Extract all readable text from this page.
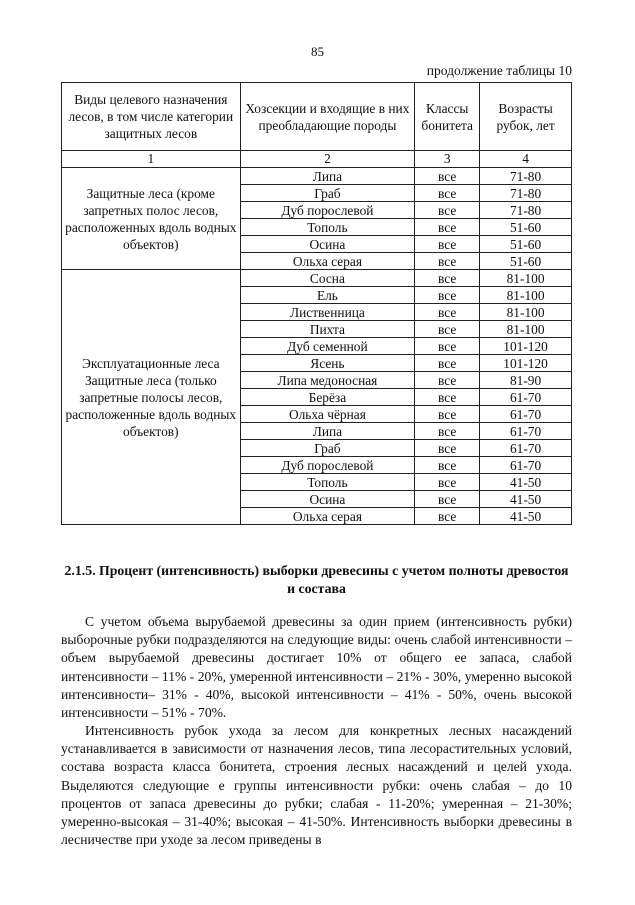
85
продолжение таблицы 10
Виды целевого назначения лесов, в том числе категории защитных лесов	Хозсекции и входящие в них преобладающие породы	Классы бонитета	Возрасты рубок, лет
1	2	3	4
Защитные леса (кроме запретных полос лесов, расположенных вдоль водных объектов)	Липа	все	71-80
	Граб	все	71-80
	Дуб порослевой	все	71-80
	Тополь	все	51-60
	Осина	все	51-60
	Ольха серая	все	51-60
Эксплуатационные леса Защитные леса (только запретные полосы лесов, расположенные вдоль водных объектов)	Сосна	все	81-100
	Ель	все	81-100
	Лиственница	все	81-100
	Пихта	все	81-100
	Дуб семенной	все	101-120
	Ясень	все	101-120
	Липа медоносная	все	81-90
	Берёза	все	61-70
	Ольха чёрная	все	61-70
	Липа	все	61-70
	Граб	все	61-70
	Дуб порослевой	все	61-70
	Тополь	все	41-50
	Осина	все	41-50
	Ольха серая	все	41-50
2.1.5. Процент (интенсивность) выборки древесины с учетом полноты древостоя и состава

С учетом объема вырубаемой древесины за один прием (интенсивность рубки) выборочные рубки подразделяются на следующие виды: очень слабой интенсивности – объем вырубаемой древесины достигает 10% от общего ее запаса, слабой интенсивности – 11% - 20%, умеренной интенсивности – 21% - 30%, умеренно высокой интенсивности– 31% - 40%, высокой интенсивности – 41% - 50%, очень высокой интенсивности – 51% - 70%.

Интенсивность рубок ухода за лесом для конкретных лесных насаждений устанавливается в зависимости от назначения лесов, типа лесорастительных условий, состава возраста класса бонитета, строения лесных насаждений и целей ухода. Выделяются следующие е группы интенсивности рубки: очень слабая – до 10 процентов от запаса древесины до рубки; слабая - 11-20%; умеренная – 21-30%; умеренно-высокая – 31-40%; высокая – 41-50%. Интенсивность выборки древесины в лесничестве при уходе за лесом приведены в
